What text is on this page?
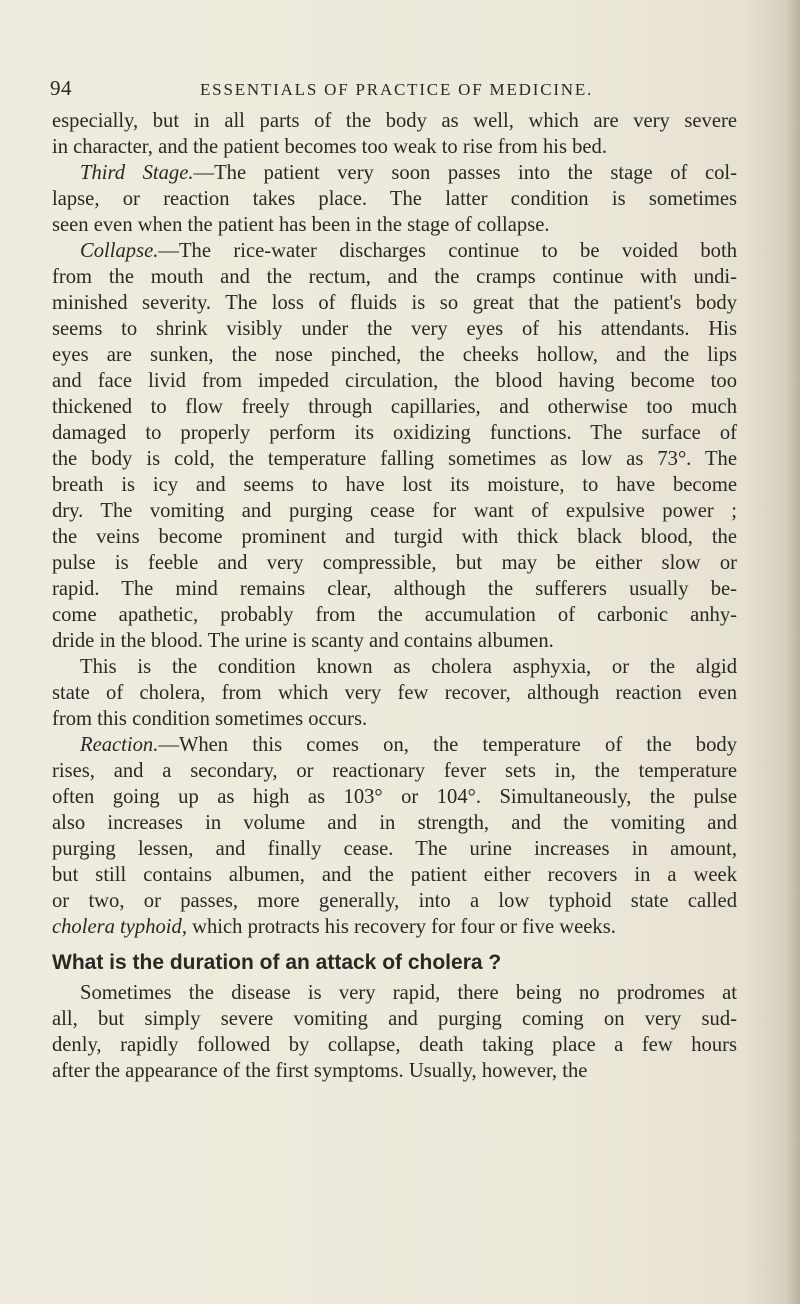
94	ESSENTIALS OF PRACTICE OF MEDICINE.
especially, but in all parts of the body as well, which are very severe
in character, and the patient becomes too weak to rise from his bed.
Third Stage.—The patient very soon passes into the stage of col-
lapse, or reaction takes place. The latter condition is sometimes
seen even when the patient has been in the stage of collapse.
Collapse.—The rice-water discharges continue to be voided both
from the mouth and the rectum, and the cramps continue with undi-
minished severity. The loss of fluids is so great that the patient's body
seems to shrink visibly under the very eyes of his attendants. His
eyes are sunken, the nose pinched, the cheeks hollow, and the lips
and face livid from impeded circulation, the blood having become too
thickened to flow freely through capillaries, and otherwise too much
damaged to properly perform its oxidizing functions. The surface of
the body is cold, the temperature falling sometimes as low as 73°. The
breath is icy and seems to have lost its moisture, to have become
dry. The vomiting and purging cease for want of expulsive power ;
the veins become prominent and turgid with thick black blood, the
pulse is feeble and very compressible, but may be either slow or
rapid. The mind remains clear, although the sufferers usually be-
come apathetic, probably from the accumulation of carbonic anhy-
dride in the blood. The urine is scanty and contains albumen.
This is the condition known as cholera asphyxia, or the algid
state of cholera, from which very few recover, although reaction even
from this condition sometimes occurs.
Reaction.—When this comes on, the temperature of the body
rises, and a secondary, or reactionary fever sets in, the temperature
often going up as high as 103° or 104°. Simultaneously, the pulse
also increases in volume and in strength, and the vomiting and
purging lessen, and finally cease. The urine increases in amount,
but still contains albumen, and the patient either recovers in a week
or two, or passes, more generally, into a low typhoid state called
cholera typhoid, which protracts his recovery for four or five weeks.
What is the duration of an attack of cholera ?
Sometimes the disease is very rapid, there being no prodromes at
all, but simply severe vomiting and purging coming on very sud-
denly, rapidly followed by collapse, death taking place a few hours
after the appearance of the first symptoms. Usually, however, the
